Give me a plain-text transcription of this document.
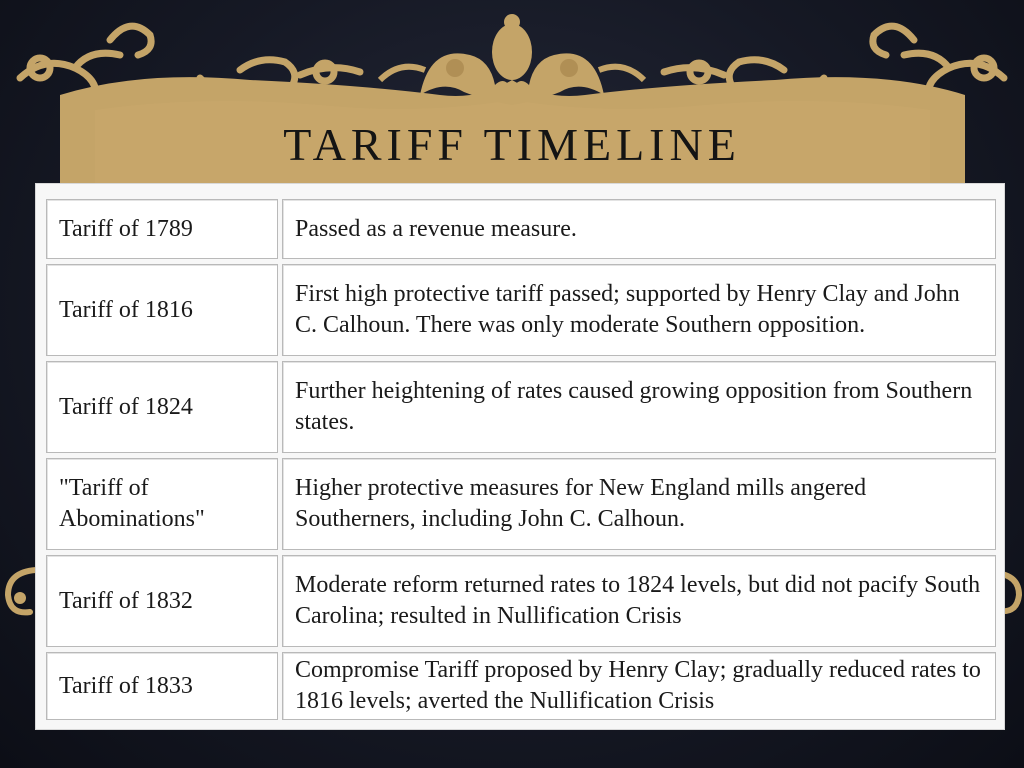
TARIFF TIMELINE
Tariff of 1789	Passed as a revenue measure.
Tariff of 1816	First high protective tariff passed; supported by Henry Clay and John C. Calhoun. There was only moderate Southern opposition.
Tariff of 1824	Further heightening of rates caused growing opposition from Southern states.
"Tariff of Abominations"	Higher protective measures for New England mills angered Southerners, including John C. Calhoun.
Tariff of 1832	Moderate reform returned rates to 1824 levels, but did not pacify South Carolina; resulted in Nullification Crisis
Tariff of 1833	Compromise Tariff proposed by Henry Clay; gradually reduced rates to 1816 levels; averted the Nullification Crisis
